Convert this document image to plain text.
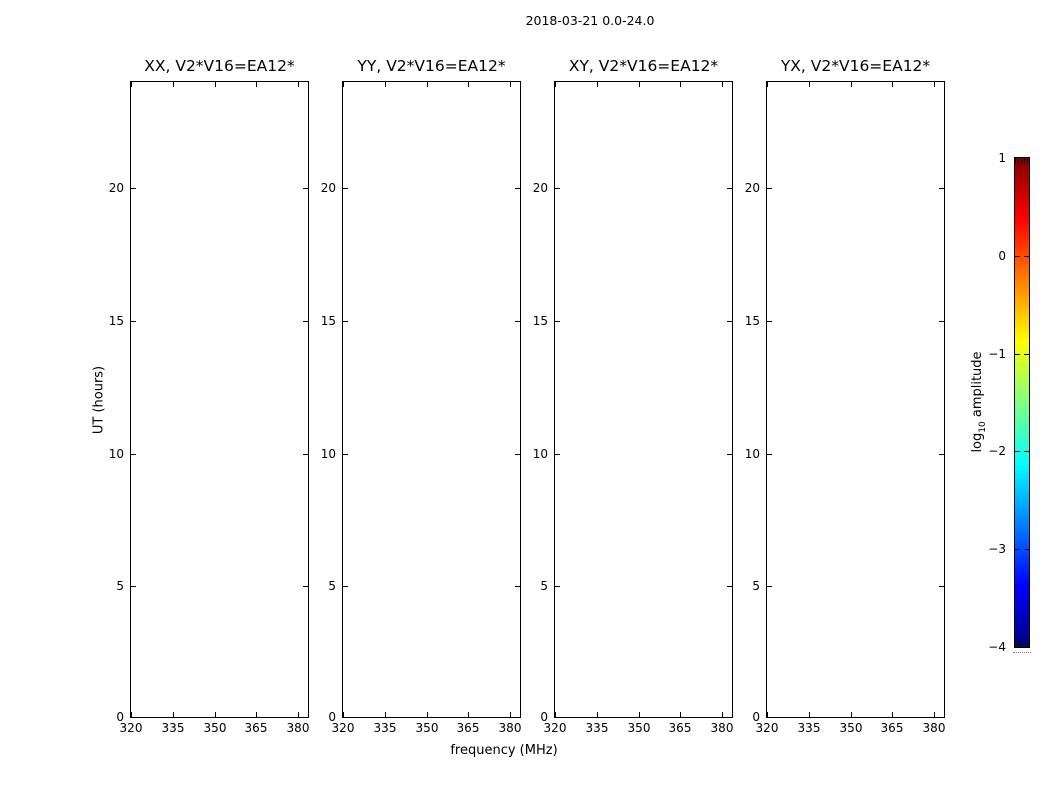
2018-03-21 0.0-24.0
XX, V2*V16=EA12*
320 335 350 365 380
0
5
10
15
20
YY, V2*V16=EA12*
320 335 350 365 380
0
5
10
15
20
XY, V2*V16=EA12*
320 335 350 365 380
0
5
10
15
20
YX, V2*V16=EA12*
320 335 350 365 380
0
5
10
15
20
frequency (MHz)
UT (hours)
1
0
−1
−2
−3
−4
$\log_{10}$ amplitude
